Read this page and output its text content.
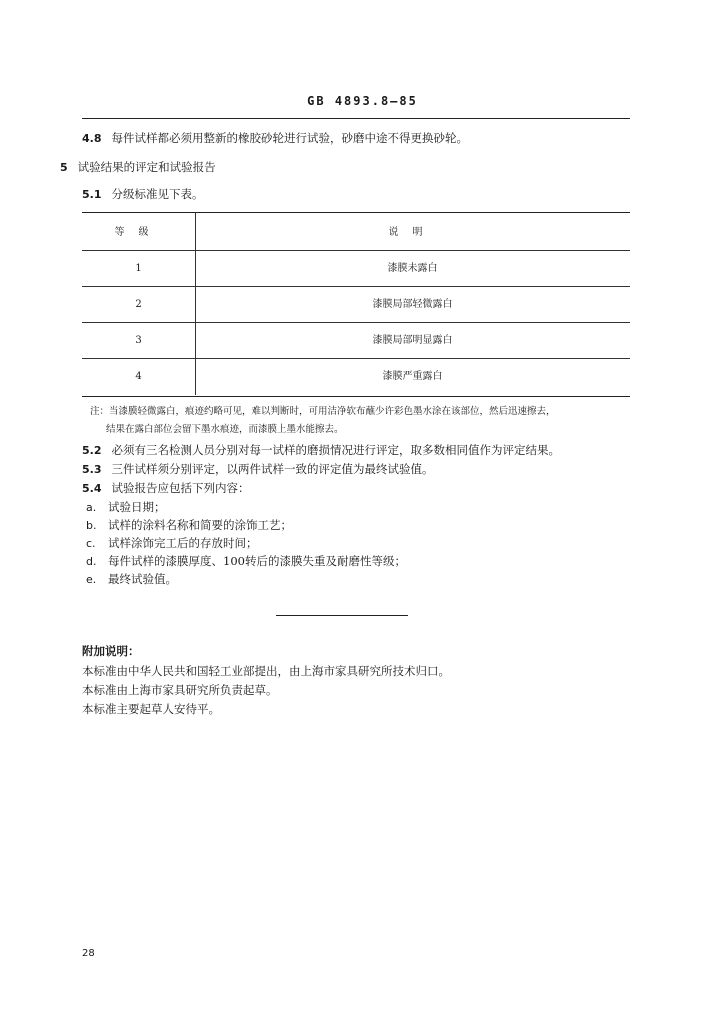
GB 4893.8—85
4.8 每件试样都必须用整新的橡胶砂轮进行试验，砂磨中途不得更换砂轮。
5 试验结果的评定和试验报告
5.1 分级标准见下表。
等级	说明
1	漆膜未露白
2	漆膜局部轻微露白
3	漆膜局部明显露白
4	漆膜严重露白
注：当漆膜轻微露白，痕迹约略可见，难以判断时，可用洁净软布蘸少许彩色墨水涂在该部位，然后迅速擦去，
结果在露白部位会留下墨水痕迹，而漆膜上墨水能擦去。
5.2 必须有三名检测人员分别对每一试样的磨损情况进行评定，取多数相同值作为评定结果。
5.3 三件试样须分别评定，以两件试样一致的评定值为最终试验值。
5.4 试验报告应包括下列内容：
a. 试验日期；
b. 试样的涂料名称和简要的涂饰工艺；
c. 试样涂饰完工后的存放时间；
d. 每件试样的漆膜厚度、100转后的漆膜失重及耐磨性等级；
e. 最终试验值。
附加说明：
本标准由中华人民共和国轻工业部提出，由上海市家具研究所技术归口。
本标准由上海市家具研究所负责起草。
本标准主要起草人安待平。
28
